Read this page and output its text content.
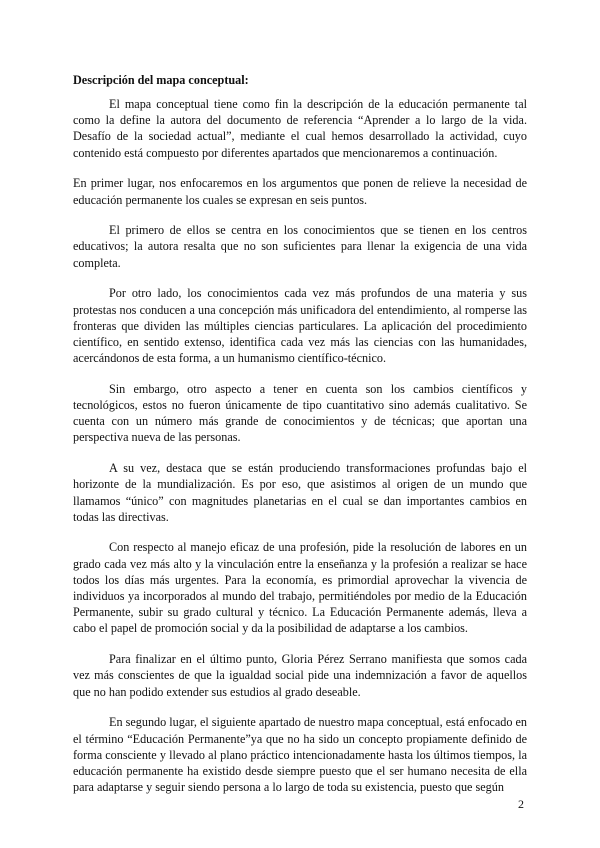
Descripción del mapa conceptual:

El mapa conceptual tiene como fin la descripción de la educación permanente tal como la define la autora del documento de referencia “Aprender a lo largo de la vida. Desafío de la sociedad actual”, mediante el cual hemos desarrollado la actividad, cuyo contenido está compuesto por diferentes apartados que mencionaremos a continuación.

En primer lugar, nos enfocaremos en los argumentos que ponen de relieve la necesidad de educación permanente los cuales se expresan en seis puntos.

El primero de ellos se centra en los conocimientos que se tienen en los centros educativos; la autora resalta que no son suficientes para llenar la exigencia de una vida completa.

Por otro lado, los conocimientos cada vez más profundos de una materia y sus protestas nos conducen a una concepción más unificadora del entendimiento, al romperse las fronteras que dividen las múltiples ciencias particulares. La aplicación del procedimiento científico, en sentido extenso, identifica cada vez más las ciencias con las humanidades, acercándonos de esta forma, a un humanismo científico-técnico.

Sin embargo, otro aspecto a tener en cuenta son los cambios científicos y tecnológicos, estos no fueron únicamente de tipo cuantitativo sino además cualitativo. Se cuenta con un número más grande de conocimientos y de técnicas; que aportan una perspectiva nueva de las personas.

A su vez, destaca que se están produciendo transformaciones profundas bajo el horizonte de la mundialización. Es por eso, que asistimos al origen de un mundo que llamamos “único” con magnitudes planetarias en el cual se dan importantes cambios en todas las directivas.

Con respecto al manejo eficaz de una profesión, pide la resolución de labores en un grado cada vez más alto y la vinculación entre la enseñanza y la profesión a realizar se hace todos los días más urgentes. Para la economía, es primordial aprovechar la vivencia de individuos ya incorporados al mundo del trabajo, permitiéndoles por medio de la Educación Permanente, subir su grado cultural y técnico. La Educación Permanente además, lleva a cabo el papel de promoción social y da la posibilidad de adaptarse a los cambios.

Para finalizar en el último punto, Gloria Pérez Serrano manifiesta que somos cada vez más conscientes de que la igualdad social pide una indemnización a favor de aquellos que no han podido extender sus estudios al grado deseable.

En segundo lugar, el siguiente apartado de nuestro mapa conceptual, está enfocado en el término “Educación Permanente”ya que no ha sido un concepto propiamente definido de forma consciente y llevado al plano práctico intencionadamente hasta los últimos tiempos, la educación permanente ha existido desde siempre puesto que el ser humano necesita de ella para adaptarse y seguir siendo persona a lo largo de toda su existencia, puesto que según

2
